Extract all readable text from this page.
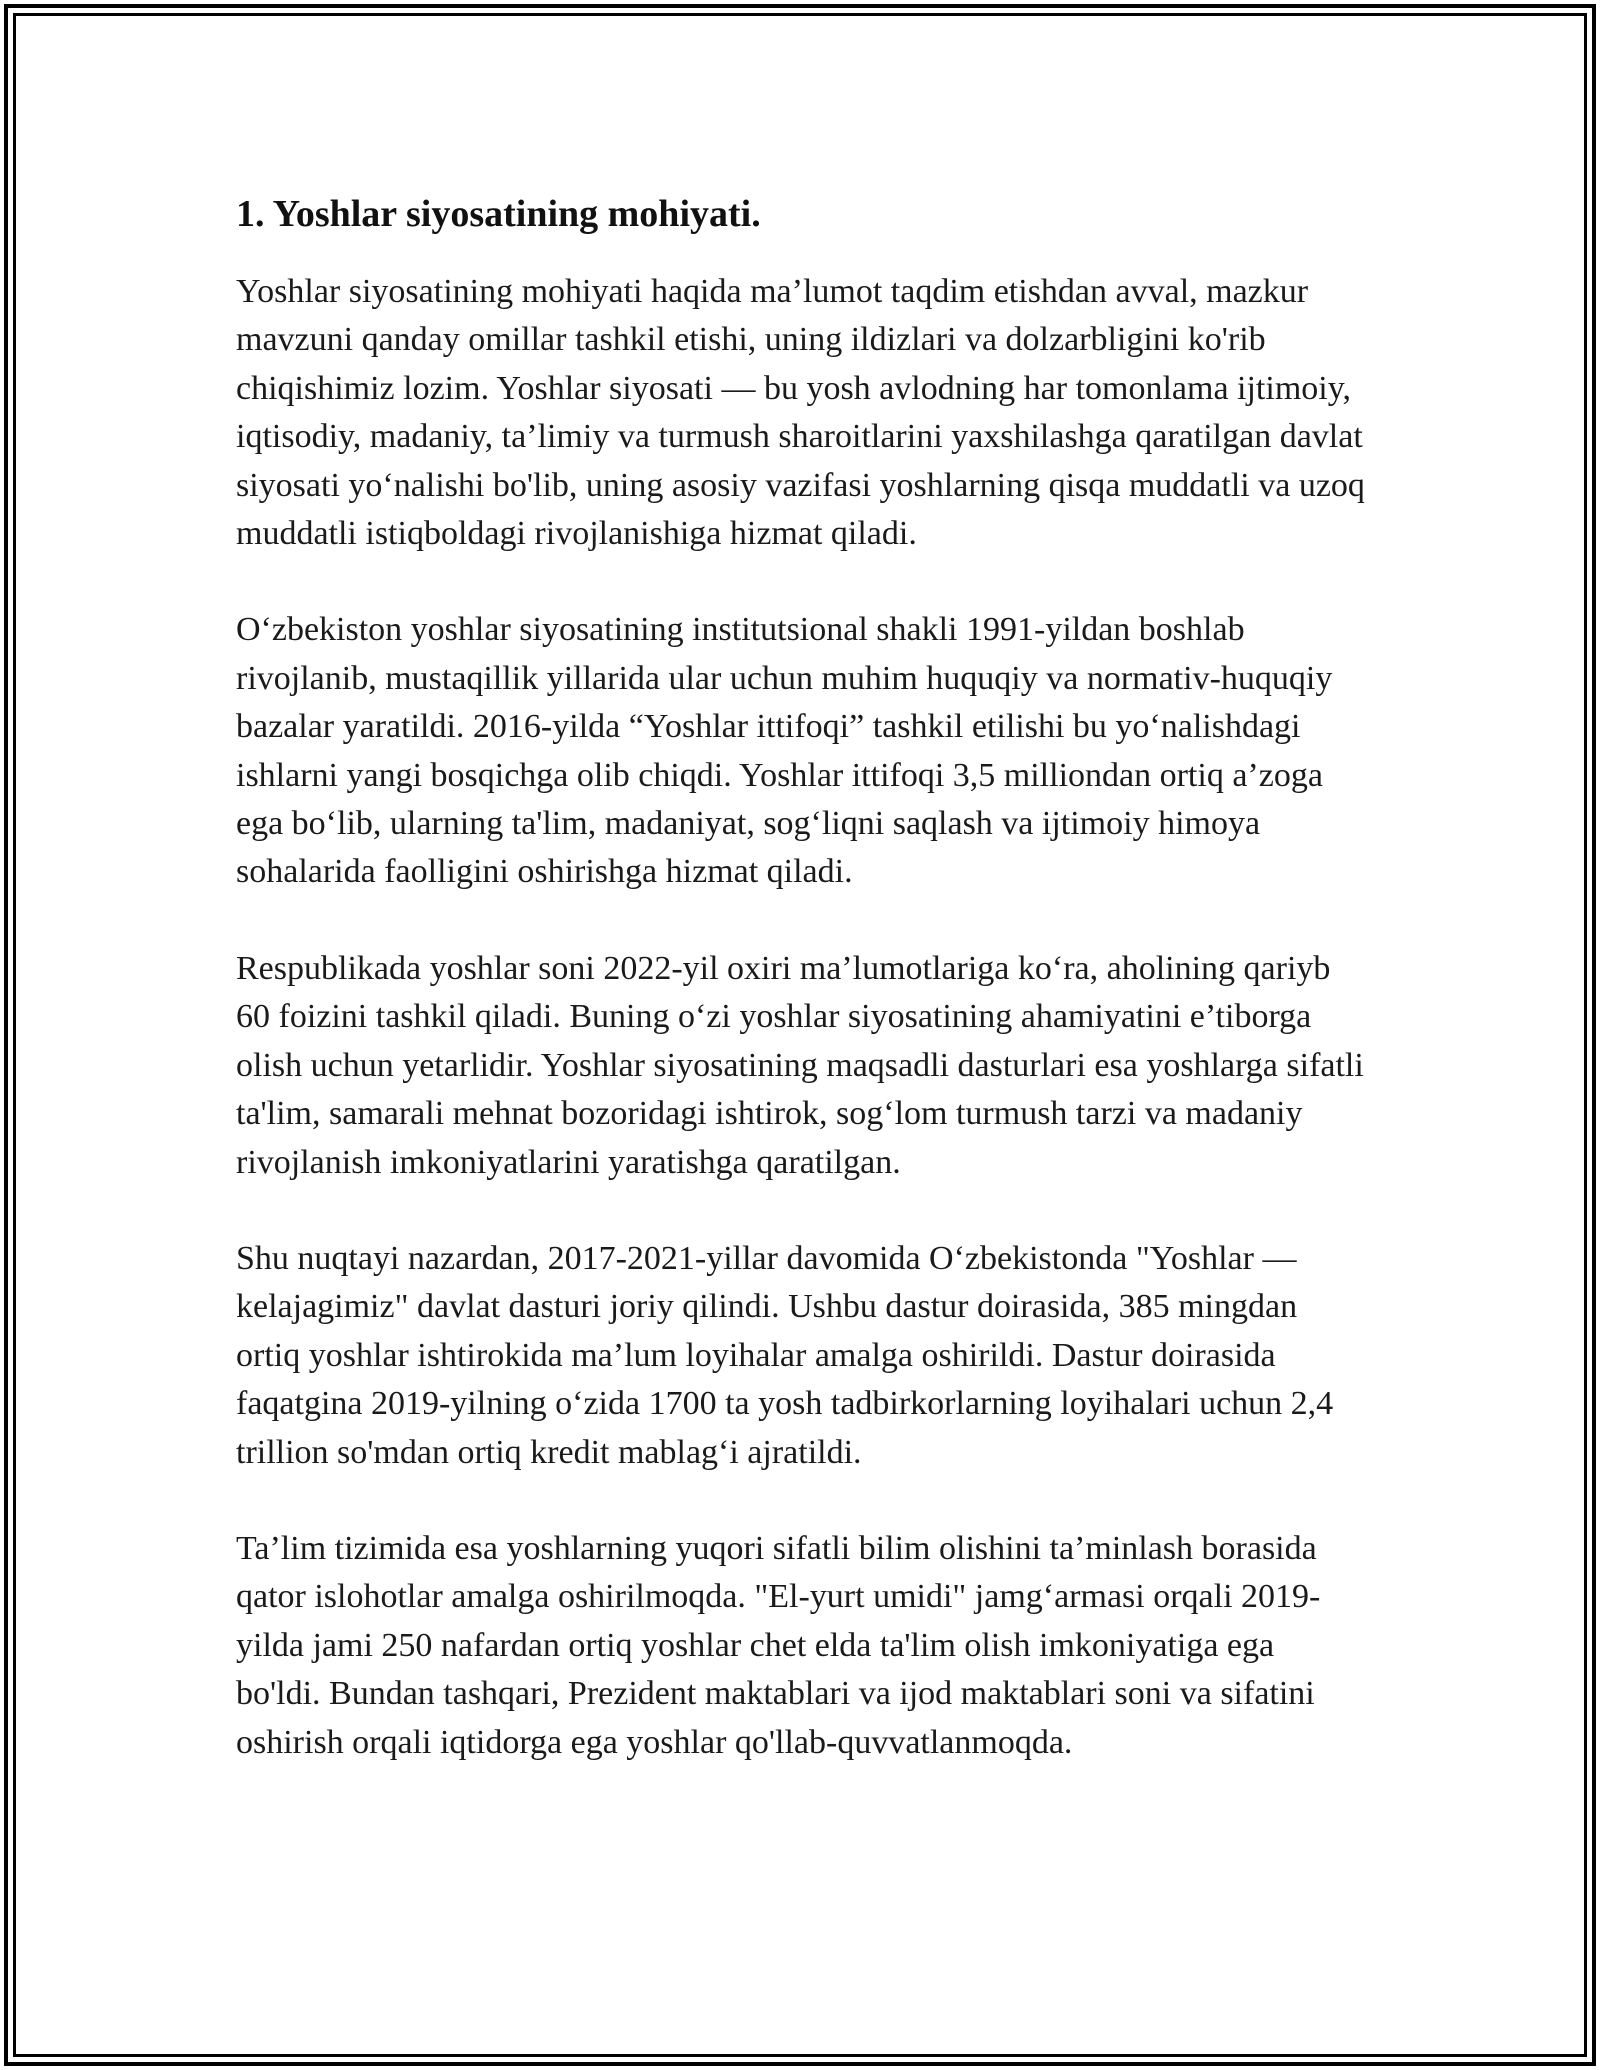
1. Yoshlar siyosatining mohiyati.

Yoshlar siyosatining mohiyati haqida ma’lumot taqdim etishdan avval, mazkur mavzuni qanday omillar tashkil etishi, uning ildizlari va dolzarbligini ko'rib chiqishimiz lozim. Yoshlar siyosati — bu yosh avlodning har tomonlama ijtimoiy, iqtisodiy, madaniy, ta’limiy va turmush sharoitlarini yaxshilashga qaratilgan davlat siyosati yo‘nalishi bo'lib, uning asosiy vazifasi yoshlarning qisqa muddatli va uzoq muddatli istiqboldagi rivojlanishiga hizmat qiladi.

O‘zbekiston yoshlar siyosatining institutsional shakli 1991-yildan boshlab rivojlanib, mustaqillik yillarida ular uchun muhim huquqiy va normativ-huquqiy bazalar yaratildi. 2016-yilda “Yoshlar ittifoqi” tashkil etilishi bu yo‘nalishdagi ishlarni yangi bosqichga olib chiqdi. Yoshlar ittifoqi 3,5 milliondan ortiq a’zoga ega bo‘lib, ularning ta'lim, madaniyat, sog‘liqni saqlash va ijtimoiy himoya sohalarida faolligini oshirishga hizmat qiladi.

Respublikada yoshlar soni 2022-yil oxiri ma’lumotlariga ko‘ra, aholining qariyb 60 foizini tashkil qiladi. Buning o‘zi yoshlar siyosatining ahamiyatini e’tiborga olish uchun yetarlidir. Yoshlar siyosatining maqsadli dasturlari esa yoshlarga sifatli ta'lim, samarali mehnat bozoridagi ishtirok, sog‘lom turmush tarzi va madaniy rivojlanish imkoniyatlarini yaratishga qaratilgan.

Shu nuqtayi nazardan, 2017-2021-yillar davomida O‘zbekistonda "Yoshlar — kelajagimiz" davlat dasturi joriy qilindi. Ushbu dastur doirasida, 385 mingdan ortiq yoshlar ishtirokida ma’lum loyihalar amalga oshirildi. Dastur doirasida faqatgina 2019-yilning o‘zida 1700 ta yosh tadbirkorlarning loyihalari uchun 2,4 trillion so'mdan ortiq kredit mablag‘i ajratildi.

Ta’lim tizimida esa yoshlarning yuqori sifatli bilim olishini ta’minlash borasida qator islohotlar amalga oshirilmoqda. "El-yurt umidi" jamg‘armasi orqali 2019-yilda jami 250 nafardan ortiq yoshlar chet elda ta'lim olish imkoniyatiga ega bo'ldi. Bundan tashqari, Prezident maktablari va ijod maktablari soni va sifatini oshirish orqali iqtidorga ega yoshlar qo'llab-quvvatlanmoqda.
